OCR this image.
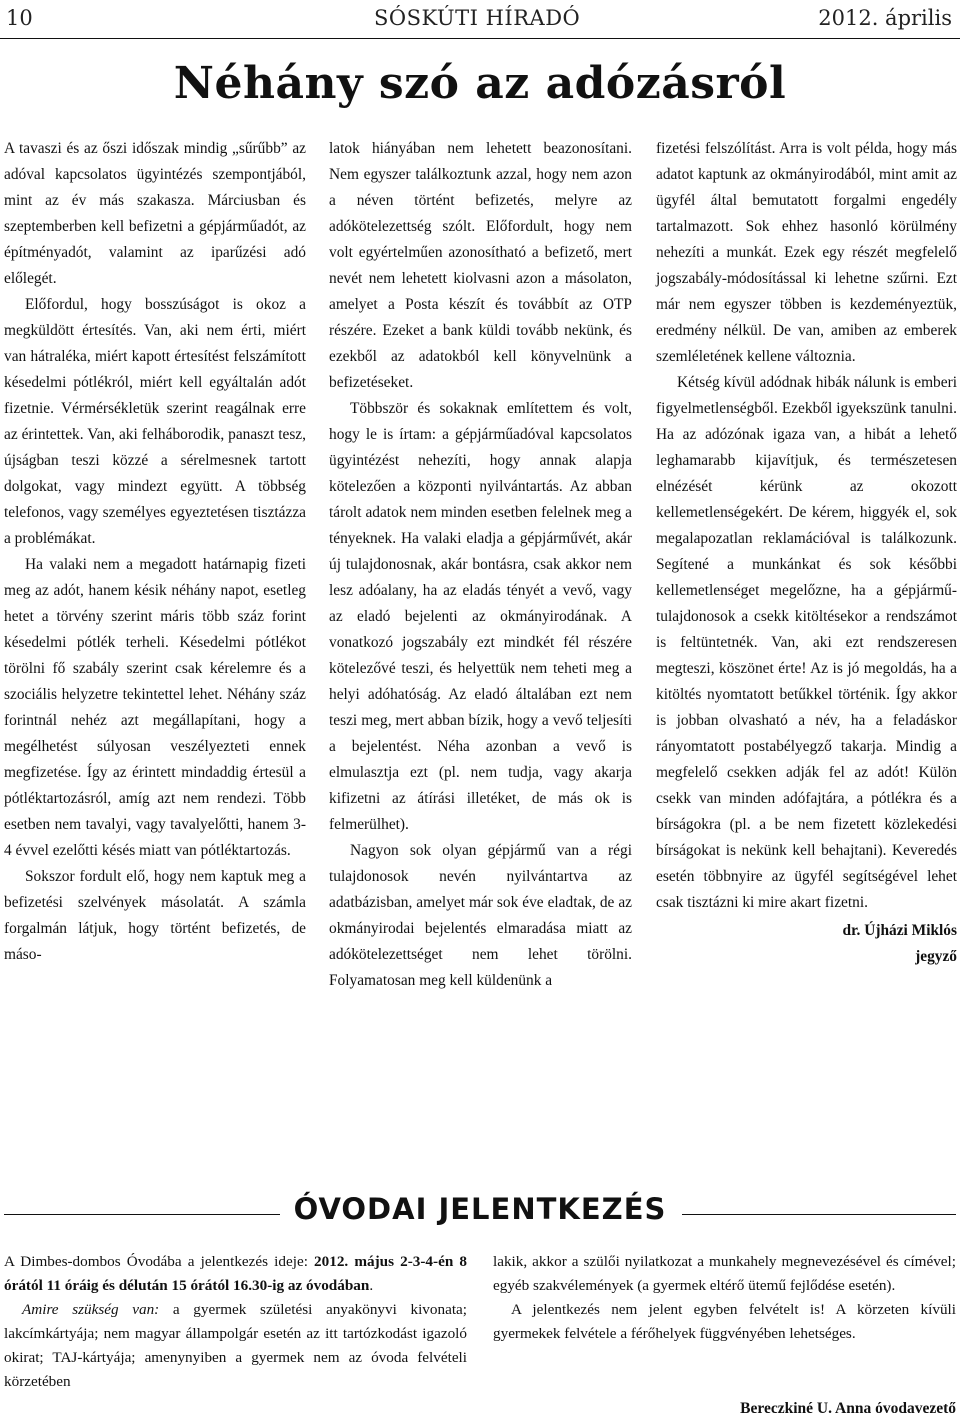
10	SÓSKÚTI HÍRADÓ	2012. április
Néhány szó az adózásról

A tavaszi és az őszi időszak mindig „sűrűbb” az adóval kapcsolatos ügyintézés szempontjából, mint az év más szakasza. Márciusban és szeptemberben kell befizetni a gépjárműadót, az építményadót, valamint az iparűzési adó előlegét.

Előfordul, hogy bosszúságot is okoz a megküldött értesítés. Van, aki nem érti, miért van hátraléka, miért kapott értesítést felszámított késedelmi pótlékról, miért kell egyáltalán adót fizetnie. Vérmérsékletük szerint reagálnak erre az érintettek. Van, aki felháborodik, panaszt tesz, újságban teszi közzé a sérelmesnek tartott dolgokat, vagy mindezt együtt. A többség telefonos, vagy személyes egyeztetésen tisztázza a problémákat.

Ha valaki nem a megadott határnapig fizeti meg az adót, hanem késik néhány napot, esetleg hetet a törvény szerint máris több száz forint késedelmi pótlék terheli. Késedelmi pótlékot törölni fő szabály szerint csak kérelemre és a szociális helyzetre tekintettel lehet. Néhány száz forintnál nehéz azt megállapítani, hogy a megélhetést súlyosan veszélyezteti ennek megfizetése. Így az érintett mindaddig értesül a pótléktartozásról, amíg azt nem rendezi. Több esetben nem tavalyi, vagy tavalyelőtti, hanem 3-4 évvel ezelőtti késés miatt van pótléktartozás.

Sokszor fordult elő, hogy nem kaptuk meg a befizetési szelvények másolatát. A számla forgalmán látjuk, hogy történt befizetés, de máso-

latok hiányában nem lehetett beazonosítani. Nem egyszer találkoztunk azzal, hogy nem azon a néven történt befizetés, melyre az adókötelezettség szólt. Előfordult, hogy nem volt egyértelműen azonosítható a befizető, mert nevét nem lehetett kiolvasni azon a másolaton, amelyet a Posta készít és továbbít az OTP részére. Ezeket a bank küldi tovább nekünk, és ezekből az adatokból kell könyvelnünk a befizetéseket.

Többször és sokaknak említettem és volt, hogy le is írtam: a gépjárműadóval kapcsolatos ügyintézést nehezíti, hogy annak alapja kötelezően a központi nyilvántartás. Az abban tárolt adatok nem minden esetben felelnek meg a tényeknek. Ha valaki eladja a gépjárművét, akár új tulajdonosnak, akár bontásra, csak akkor nem lesz adóalany, ha az eladás tényét a vevő, vagy az eladó bejelenti az okmányirodának. A vonatkozó jogszabály ezt mindkét fél részére kötelezővé teszi, és helyettük nem teheti meg a helyi adóhatóság. Az eladó általában ezt nem teszi meg, mert abban bízik, hogy a vevő teljesíti a bejelentést. Néha azonban a vevő is elmulasztja ezt (pl. nem tudja, vagy akarja kifizetni az átírási illetéket, de más ok is felmerülhet).

Nagyon sok olyan gépjármű van a régi tulajdonosok nevén nyilvántartva az adatbázisban, amelyet már sok éve eladtak, de az okmányirodai bejelentés elmaradása miatt az adókötelezettséget nem lehet törölni. Folyamatosan meg kell küldenünk a

fizetési felszólítást. Arra is volt példa, hogy más adatot kaptunk az okmányirodából, mint amit az ügyfél által bemutatott forgalmi engedély tartalmazott. Sok ehhez hasonló körülmény nehezíti a munkát. Ezek egy részét megfelelő jogszabály-módosítással ki lehetne szűrni. Ezt már nem egyszer többen is kezdeményeztük, eredmény nélkül. De van, amiben az emberek szemléletének kellene változnia.

Kétség kívül adódnak hibák nálunk is emberi figyelmetlenségből. Ezekből igyekszünk tanulni. Ha az adózónak igaza van, a hibát a lehető leghamarabb kijavítjuk, és természetesen elnézését kérünk az okozott kellemetlenségekért. De kérem, higgyék el, sok megalapozatlan reklamációval is találkozunk. Segítené a munkánkat és sok későbbi kellemetlenséget megelőzne, ha a gépjármű-tulajdonosok a csekk kitöltésekor a rendszámot is feltüntetnék. Van, aki ezt rendszeresen megteszi, köszönet érte! Az is jó megoldás, ha a kitöltés nyomtatott betűkkel történik. Így akkor is jobban olvasható a név, ha a feladáskor rányomtatott postabélyegző takarja. Mindig a megfelelő csekken adják fel az adót! Külön csekk van minden adófajtára, a pótlékra és a bírságokra (pl. a be nem fizetett közlekedési bírságokat is nekünk kell behajtani). Keveredés esetén többnyire az ügyfél segítségével lehet csak tisztázni ki mire akart fizetni.

dr. Újházi Miklós

jegyző

ÓVODAI JELENTKEZÉS

A Dimbes-dombos Óvodába a jelentkezés ideje: 2012. május 2-3-4-én 8 órától 11 óráig és délután 15 órától 16.30-ig az óvodában.

Amire szükség van: a gyermek születési anyakönyvi kivonata; lakcímkártyája; nem magyar állampolgár esetén az itt tartózkodást igazoló okirat; TAJ-kártyája; amenynyiben a gyermek nem az óvoda felvételi körzetében

lakik, akkor a szülői nyilatkozat a munkahely megnevezésével és címével; egyéb szakvélemények (a gyermek eltérő ütemű fejlődése esetén).

A jelentkezés nem jelent egyben felvételt is! A körzeten kívüli gyermekek felvétele a férőhelyek függvényében lehetséges.

Bereczkiné U. Anna óvodavezető
